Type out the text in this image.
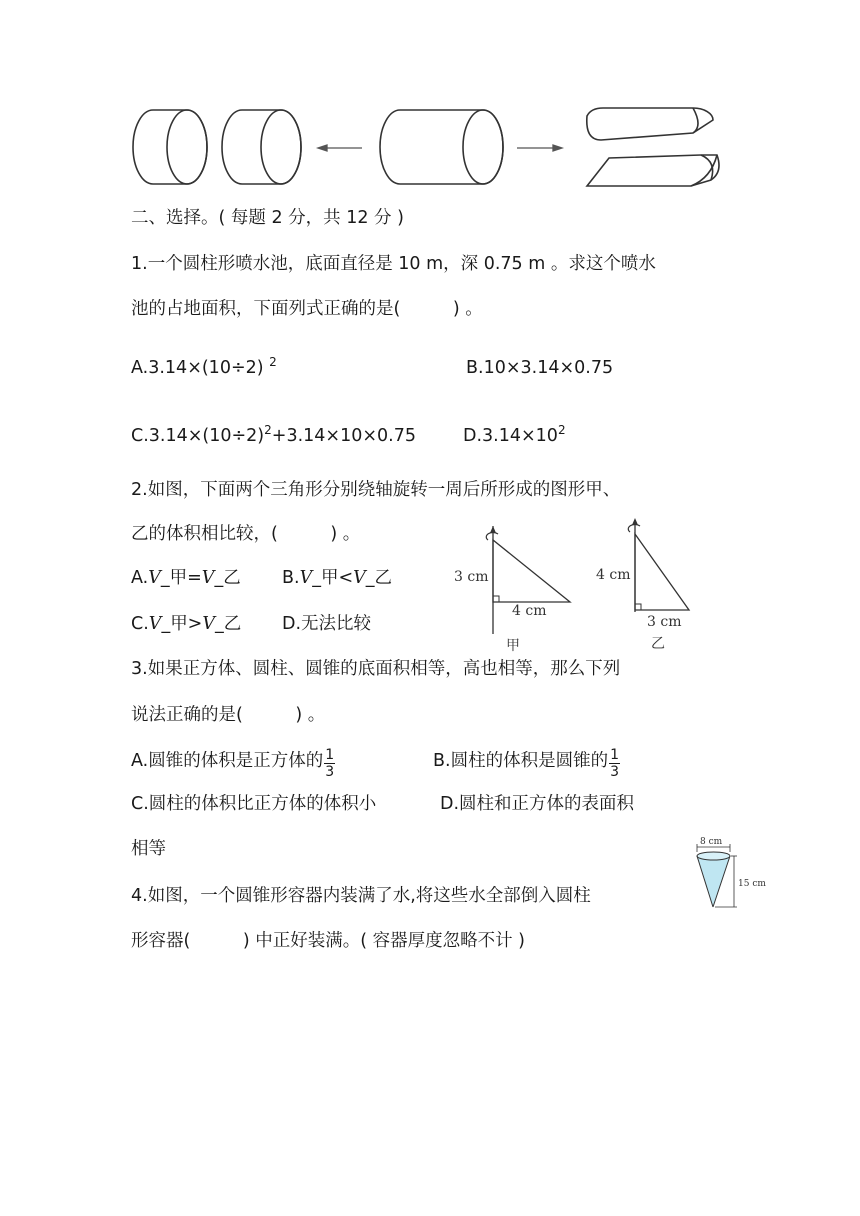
二、选择。( 每题 2 分，共 12 分 )
1.一个圆柱形喷水池，底面直径是 10 m，深 0.75 m 。求这个喷水
池的占地面积，下面列式正确的是(　　　) 。
A.3.14×(10÷2) $^2$	B.10×3.14×0.75
$C.3.14\times(10\div 2)^2+3.14\times 10\times 0.75$	$D.3.14\times 10^2$
2.如图，下面两个三角形分别绕轴旋转一周后所形成的图形甲、
乙的体积相比较，(　　　) 。
A.V_甲=V_乙 B.V_甲<V_乙
C.V_甲>V_乙 D.无法比较
3 cm
4 cm
甲
4 cm
3 cm
乙
3.如果正方体、圆柱、圆锥的底面积相等，高也相等，那么下列
说法正确的是(　　　) 。
A.圆锥的体积是正方体的 $\frac{1}{3}$	B.圆柱的体积是圆锥的 $\frac{1}{3}$
C.圆柱的体积比正方体的体积小	D.圆柱和正方体的表面积
相等	8 cm
15 cm
4.如图，一个圆锥形容器内装满了水,将这些水全部倒入圆柱
形容器(　　　) 中正好装满。( 容器厚度忽略不计 )
